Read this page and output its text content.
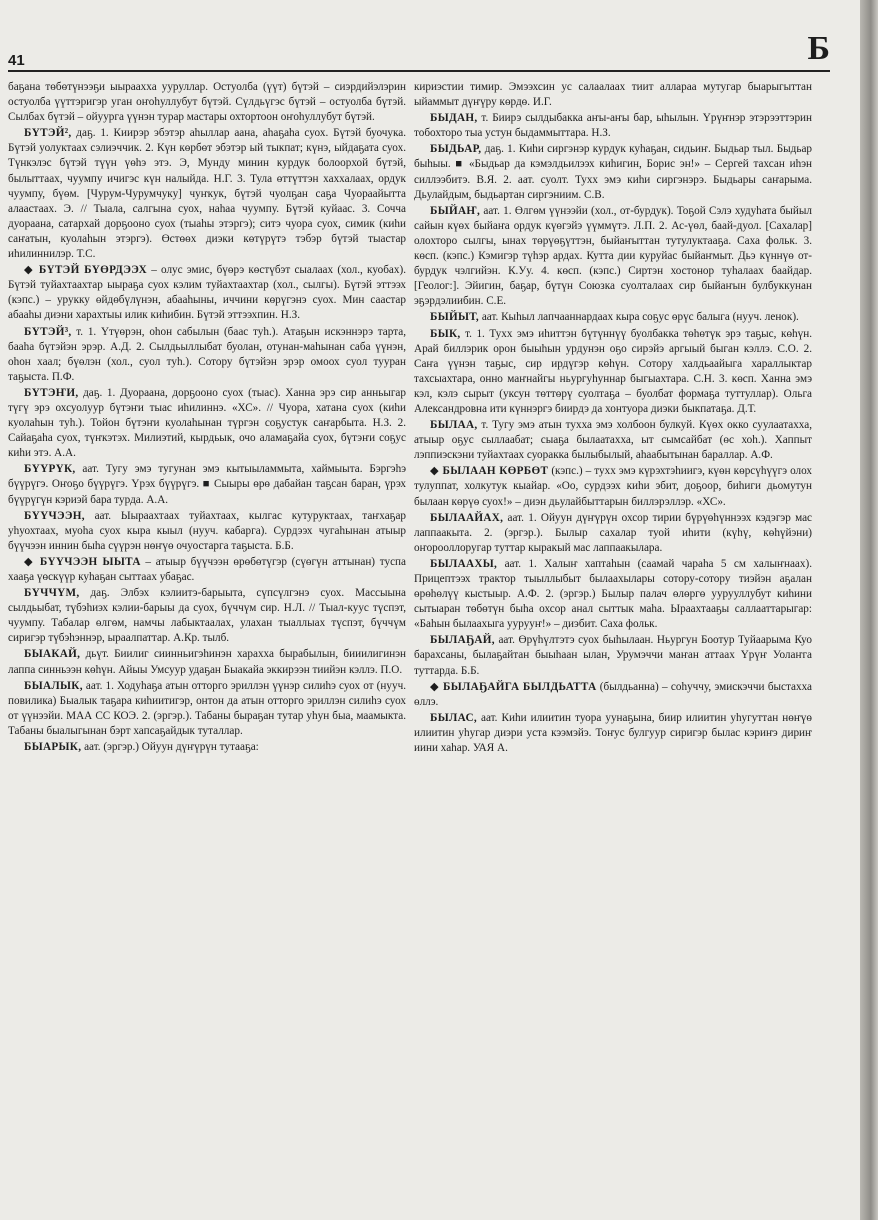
41	Б

баҕана төбөтүнээҕи ыыраахха ууруллар. Остуолба (үүт) бүтэй – сиэрдийэлэрин остуолба үүттэригэр уган оҥоһуллубут бүтэй. Сүлдьүгэс бүтэй – остуолба бүтэй. Сылбах бүтэй – ойуурга үүнэн турар мастары охтортоон оҥоһуллубут бүтэй.

БҮТЭЙ², даҕ. 1. Киирэр эбэтэр аһыллар аана, аһаҕаһа суох. Бүтэй буочука. Бүтэй уолуктаах сэлиэччик. 2. Күн көрбөт эбэтэр ый тыкпат; күнэ, ыйдаҕата суох. Түнкэлэс бүтэй түүн үөһэ этэ. Э, Мунду минин курдук болоорхой бүтэй, былыттаах, чуумпу ичигэс күн налыйда. Н.Г. 3. Тула өттүттэн хаххалаах, ордук чуумпу, бүөм. [Чурум-Чурумчуку] чуҥкук, бүтэй чуолҕан саҕа Чуораайытта алаастаах. Э. // Тыала, салгына суох, наһаа чуумпу. Бүтэй куйаас. 3. Сочча дуораана, сатархай дорҕооно суох (тыаһы этэргэ); ситэ чуора суох, симик (киһи саҥатын, куолаһын этэргэ). Өстөөх диэки көтүрүтэ тэбэр бүтэй тыастар иһилиннилэр. Т.С.

◆ БҮТЭЙ БҮӨРДЭЭХ – олус эмис, бүөрэ көстүбэт сыалаах (хол., куобах). Бүтэй туйахтаахтар ыыраҕа суох кэлим туйахтаахтар (хол., сылгы). Бүтэй эттээх (кэпс.) – урукку өйдөбүлүнэн, абааһыны, иччини көрүгэнэ суох. Мин саастар абааһы диэни харахтыы илик киһибин. Бүтэй эттээхпин. Н.З.

БҮТЭЙ³, т. 1. Үтүөрэн, оһон сабылын (баас туһ.). Атаҕын искэннэрэ тарта, бааһа бүтэйэн эрэр. А.Д. 2. Сылдьыллыбат буолан, отунан-маһынан саба үүнэн, оһон хаал; бүөлэн (хол., суол туһ.). Сотору бүтэйэн эрэр омоох суол тууран таҕыста. П.Ф.

БҮТЭҤИ, даҕ. 1. Дуораана, дорҕооно суох (тыас). Ханна эрэ сир анньыгар түгү эрэ охсуолуур бүтэҥи тыас иһилиннэ. «ХС». // Чуора, хатана суох (киһи куолаһын туһ.). Тойон бүтэҥи куолаһынан түргэн соҕустук саҥарбыта. Н.З. 2. Сайаҕаһа суох, түҥкэтэх. Милиэтий, кырдьык, очо аламаҕайа суох, бүтэҥи соҕус киһи этэ. А.А.

БҮҮРҮК, аат. Тугу эмэ тугунан эмэ кытыыламмыта, хаймыыта. Бэргэһэ бүүрүгэ. Оҥоҕо бүүрүгэ. Үрэх бүүрүгэ. ■ Сыыры өрө дабайан таҕсан баран, үрэх бүүрүгүн кэриэй бара турда. А.А.

БҮҮЧЭЭН, аат. Ыыраахтаах туйахтаах, кылгас кутуруктаах, таҥхаҕар уһуохтаах, муоһа суох кыра кыыл (нууч. кабарга). Сурдээх чугаһынан атыыр бүүчээн иннин быһа сүүрэн нөҥүө очуостарга таҕыста. Б.Б.

◆ БҮҮЧЭЭН ЫЫТА – атыыр бүүчээн өрөбөтүгэр (сүөгүн аттынан) туспа хааҕа үөскүүр куһаҕан сыттаах убаҕас.

БҮЧЧҮМ, даҕ. Элбэх кэлиитэ-барыыта, сүпсүлгэнэ суох. Массыына сылдьыбат, түбэһиэх кэлии-барыы да суох, бүччүм сир. Н.Л. // Тыал-куус түспэт, чуумпу. Табалар өлгөм, намчы лабыктаалах, улахан тыаллыах түспэт, бүччүм сиригэр түбэһэннэр, ыраалпаттар. А.Кр. тылб.

БЫАКАЙ, дьүт. Биилиг сиинньигэһинэн харахха бырабылын, бииилигинэн лаппа синньээн көһүн. Айыы Умсуур удаҕан Быакайа эккирээн тиийэн кэллэ. П.О.

БЫАЛЫК, аат. 1. Ходуһаҕа атын отторго эриллэн үүнэр силиһэ суох от (нууч. повилика) Быалык таҕара киһиитигэр, онтон да атын отторго эриллэн силиһэ суох от үүнээйи. МАА СС КОЭ. 2. (эргэр.). Табаны быраҕан тутар уһун быа, маамыкта. Табаны быалыгынан бэрт хапсаҕайдык туталлар.

БЫАРЫК, аат. (эргэр.) Ойуун дүҥүрүн тутааҕа:

кириэстии тимир. Эмээхсин ус салаалаах тиит аллараа мутугар быарыгыттан ыйаммыт дүҥүру көрдө. И.Г.

БЫДАН, т. Биирэ сылдыбакка аҥы-аҥы бар, ыhылын. Үрүҥнэр этэрээттэрин тобохторо тыа устун быдаммыттара. Н.З.

БЫДЬАР, даҕ. 1. Киһи сиргэнэр курдук куһаҕан, сидьиҥ. Быдьар тыл. Быдьар быһыы. ■ «Быдьар да кэмэлдьилээх киһигин, Борис эн!» – Сергей тахсан иһэн силлээбитэ. В.Я. 2. аат. суолт. Тухх эмэ киһи сиргэнэрэ. Быдьары саҥарыма. Дьулайдым, быдьартан сиргэниим. С.В.

БЫЙАҤ, аат. 1. Өлгөм үүнээйи (хол., от-бурдук). Тоҕой Сэлэ худуһата быйыл сайын күөх быйаҥа ордук күөгэйэ үүммүтэ. Л.П. 2. Ас-үөл, баай-дуол. [Сахалар] олохторо сылгы, ынах төрүөҕүттэн, быйаҥыттан тутулуктааҕа. Саха фольк. 3. көсп. (кэпс.) Кэмигэр түһэр ардах. Кутта дии куруйас быйаҥмыт. Дьэ күннүө от-бурдук чэлгийэн. К.Уу. 4. көсп. (кэпс.) Сиртэн хостонор туһалаах баайдар. [Геолог:]. Эйигин, баҕар, бүтүн Союзка суолталаах сир быйаҥын булбуккунан эҕэрдэлиибин. С.Е.

БЫЙЫТ, аат. Кыһыл лапчааннардаах кыра соҕус өрүс балыга (нууч. ленок).

БЫК, т. 1. Тухх эмэ иһиттэн бүтүннүү буолбакка төһөтүк эрэ таҕыс, көһүн. Арай биллэрик орон быыһын урдунэн оҕо сирэйэ аргыый быган кэллэ. С.О. 2. Саҥа үүнэн таҕыс, сир ирдүгэр көһүн. Сотору халдьаайыга хараллыктар тахсыахтара, онно маҥнайгы ньургуһуннар быгыахтара. С.Н. 3. көсп. Ханна эмэ кэл, кэлэ сырыт (уксун төттөрү суолтаҕа – буолбат формаҕа туттуллар). Ольга Александровна ити күннэргэ биирдэ да хонтуора диэки быкпатаҕа. Д.Т.

БЫЛАА, т. Тугу эмэ атын тухха эмэ холбоон булкуй. Күөх окко суулаатахха, атыыр оҕус сыллаабат; сыаҕа былаатахха, ыт сымсайбат (өс хоһ.). Хаппыт лэппиэскэни туйахтаах суоракка былыбылый, аһаабытынан бараллар. А.Ф.

◆ БЫЛААН КӨРБӨТ (кэпс.) – тухх эмэ күрэхтэһиигэ, күөн көрсүһүүгэ олох тулуппат, холкутук кыайар. «Оо, сурдээх киһи эбит, доҕоор, биһиги дьомутун былаан көрүө суох!» – диэн дьулайбыттарын биллэрэллэр. «ХС».

БЫЛААЙАХ, аат. 1. Ойуун дүҥүрүн охсор тирии бүрүөһүннээх кэдэгэр мас лаппаакыта. 2. (эргэр.). Былыр сахалар туой иһити (күһү, көһүйэни) оҥорооллоругар туттар кыракый мас лаппаакылара.

БЫЛААХЫ, аат. 1. Халыҥ хаптаһын (саамай чараһа 5 см халыҥнаах). Прицептээх трактор тыыллыбыт былаахылары сотору-сотору тиэйэн аҕалан өрөһөлүү кыстыыр. А.Ф. 2. (эргэр.) Былыр палач өлөргө уурууллубут киһини сытыаран төбөтүн быһа охсор анал сыттык маһа. Ыраахтааҕы саллааттарыгар: «Баһын былаахыга уурууҥ!» – диэбит. Саха фольк.

БЫЛАҔАЙ, аат. Өрүһүлтэтэ суох быһылаан. Ньургун Боотур Туйаарыма Куо барахсаны, былаҕайтан быыһаан ылан, Урумэччи маҥан аттаах Үрүҥ Уолаҥга туттарда. Б.Б.

◆ БЫЛАҔАЙГА БЫЛДЬАТТА (былдьанна) – соһуччу, эмискэччи быстахха өллэ.

БЫЛАС, аат. Киһи илиитин туора уунаҕына, биир илиитин уһугуттан нөҥүө илиитин уһугар диэри уста кээмэйэ. Тоҥус булгуур сиригэр былас кэриҥэ дириҥ иини хаһар. УАЯ А.
